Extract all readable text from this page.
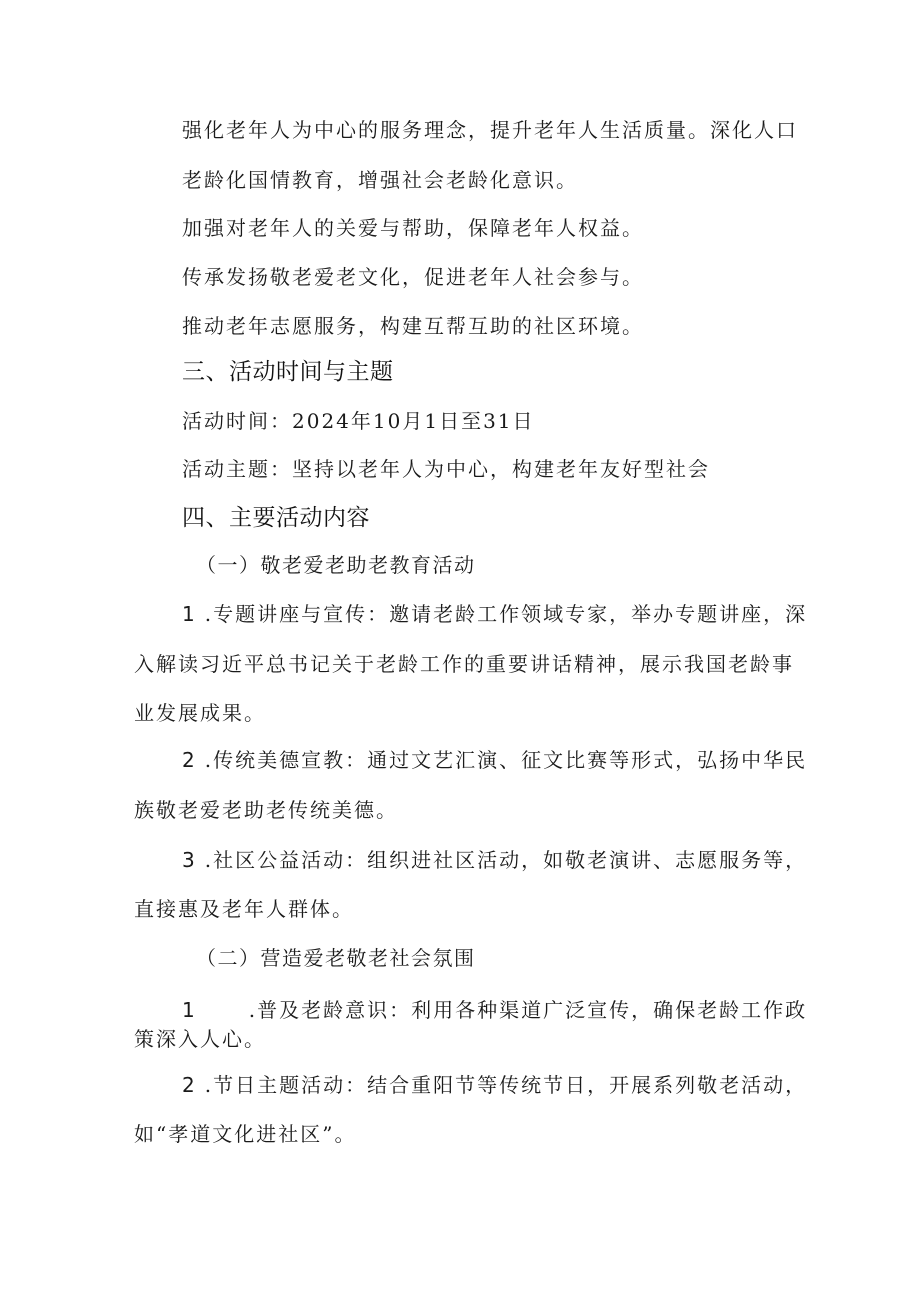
强化老年人为中心的服务理念，提升老年人生活质量。深化人口
老龄化国情教育，增强社会老龄化意识。
加强对老年人的关爱与帮助，保障老年人权益。
传承发扬敬老爱老文化，促进老年人社会参与。
推动老年志愿服务，构建互帮互助的社区环境。
三、活动时间与主题
活动时间：2024年10月1日至31日
活动主题：坚持以老年人为中心，构建老年友好型社会
四、主要活动内容
（一）敬老爱老助老教育活动
1 .专题讲座与宣传：邀请老龄工作领域专家，举办专题讲座，深
入解读习近平总书记关于老龄工作的重要讲话精神，展示我国老龄事
业发展成果。
2 .传统美德宣教：通过文艺汇演、征文比赛等形式，弘扬中华民
族敬老爱老助老传统美德。
3 .社区公益活动：组织进社区活动，如敬老演讲、志愿服务等，
直接惠及老年人群体。
（二）营造爱老敬老社会氛围
1	.普及老龄意识：利用各种渠道广泛宣传，确保老龄工作政
策深入人心。
2 .节日主题活动：结合重阳节等传统节日，开展系列敬老活动，
如“孝道文化进社区”。
